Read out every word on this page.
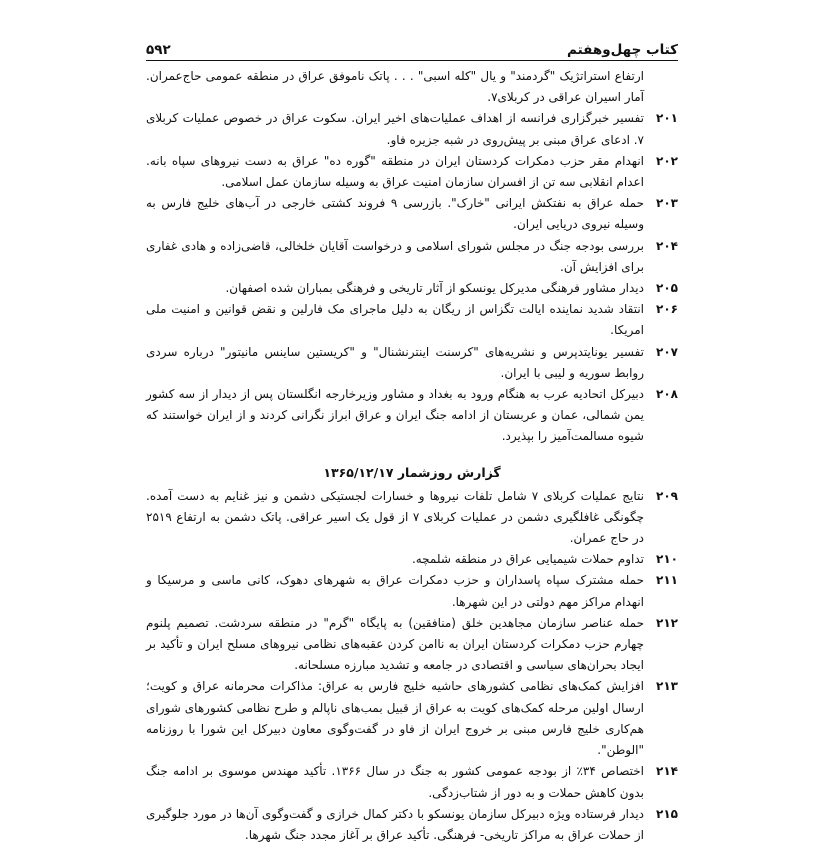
کتاب چهل‌وهفتم
۵۹۲
ارتفاع استراتژیک "گردمند" و یال "کله اسبی" . . . پاتک ناموفق عراق در منطقه عمومی حاج‌عمران. آمار اسیران عراقی در کربلای۷.
۲۰۱
تفسیر خبرگزاری فرانسه از اهداف عملیات‌های اخیر ایران. سکوت عراق در خصوص عملیات کربلای ۷. ادعای عراق مبنی بر پیش‌روی در شبه جزیره فاو.
۲۰۲
انهدام مقر حزب دمکرات کردستان ایران در منطقه "گوره ده" عراق به دست نیروهای سپاه بانه. اعدام انقلابی سه تن از افسران سازمان امنیت عراق به وسیله سازمان عمل اسلامی.
۲۰۳
حمله عراق به نفتکش ایرانی "خارک". بازرسی ۹ فروند کشتی خارجی در آب‌های خلیج فارس به وسیله نیروی دریایی ایران.
۲۰۴
بررسی بودجه جنگ در مجلس شورای اسلامی و درخواست آقایان خلخالی، قاضی‌زاده و هادی غفاری برای افزایش آن.
۲۰۵
دیدار مشاور فرهنگی مدیرکل یونسکو از آثار تاریخی و فرهنگی بمباران شده اصفهان.
۲۰۶
انتقاد شدید نماینده ایالت تگزاس از ریگان به دلیل ماجرای مک فارلین و نقض قوانین و امنیت ملی امریکا.
۲۰۷
تفسیر یونایتدپرس و نشریه‌های "کرسنت اینترنشنال" و "کریستین ساینس مانیتور" درباره سردی روابط سوریه و لیبی با ایران.
۲۰۸
دبیرکل اتحادیه عرب به هنگام ورود به بغداد و مشاور وزیرخارجه انگلستان پس از دیدار از سه کشور یمن شمالی، عمان و عربستان از ادامه جنگ ایران و عراق ابراز نگرانی کردند و از ایران خواستند که شیوه مسالمت‌آمیز را بپذیرد.
گزارش روزشمار ۱۳۶۵/۱۲/۱۷
۲۰۹
نتایج عملیات کربلای ۷ شامل تلفات نیروها و خسارات لجستیکی دشمن و نیز غنایم به دست آمده. چگونگی غافلگیری دشمن در عملیات کربلای ۷ از قول یک اسیر عراقی. پاتک دشمن به ارتفاع ۲۵۱۹ در حاج عمران.
۲۱۰
تداوم حملات شیمیایی عراق در منطقه شلمچه.
۲۱۱
حمله مشترک سپاه پاسداران و حزب دمکرات عراق به شهرهای دهوک، کانی ماسی و مرسیکا و انهدام مراکز مهم دولتی در این شهرها.
۲۱۲
حمله عناصر سازمان مجاهدین خلق (منافقین) به پایگاه "گرم" در منطقه سردشت. تصمیم پلنوم چهارم حزب دمکرات کردستان ایران به ناامن کردن عقبه‌های نظامی نیروهای مسلح ایران و تأکید بر ایجاد بحران‌های سیاسی و اقتصادی در جامعه و تشدید مبارزه مسلحانه.
۲۱۳
افزایش کمک‌های نظامی کشورهای حاشیه خلیج فارس به عراق: مذاکرات محرمانه عراق و کویت؛ ارسال اولین مرحله کمک‌های کویت به عراق از قبیل بمب‌های ناپالم و طرح نظامی کشورهای شورای هم‌کاری خلیج فارس مبنی بر خروج ایران از فاو در گفت‌وگوی معاون دبیرکل این شورا با روزنامه "الوطن".
۲۱۴
اختصاص ۳۴٪ از بودجه عمومی کشور به جنگ در سال ۱۳۶۶. تأکید مهندس موسوی بر ادامه جنگ بدون کاهش حملات و به دور از شتاب‌زدگی.
۲۱۵
دیدار فرستاده ویژه دبیرکل سازمان یونسکو با دکتر کمال خرازی و گفت‌وگوی آن‌ها در مورد جلوگیری از حملات عراق به مراکز تاریخی- فرهنگی. تأکید عراق بر آغاز مجدد جنگ شهرها.
